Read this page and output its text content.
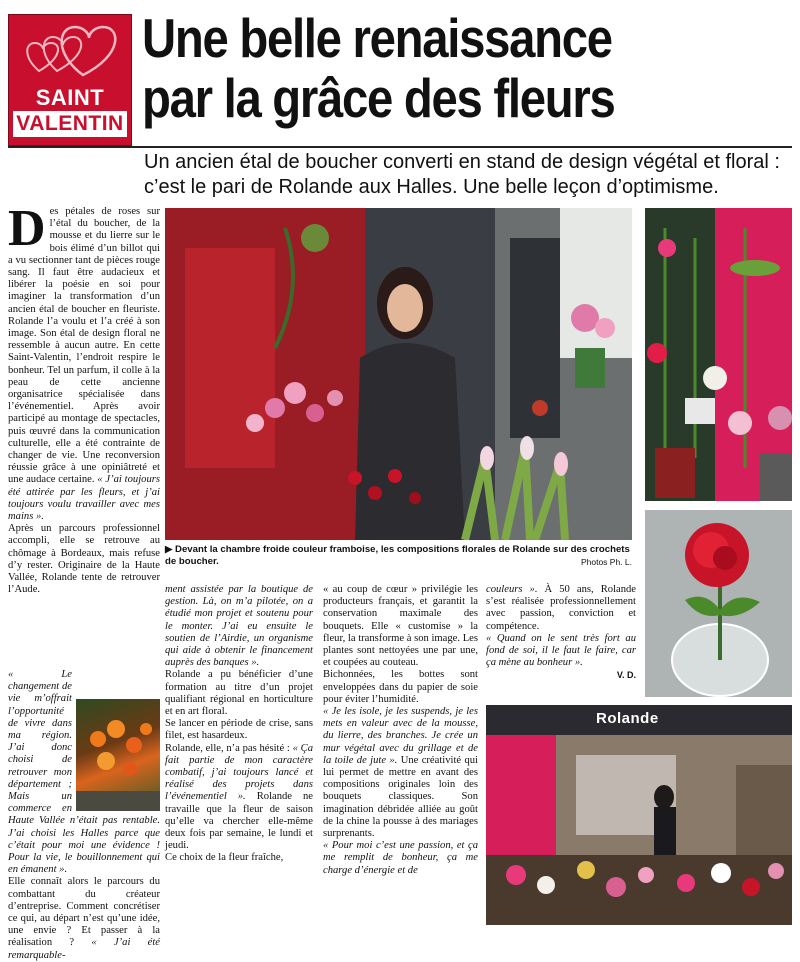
SAINT
VALENTIN
Une belle renaissance
par la grâce des fleurs
Un ancien étal de boucher converti en stand de design végétal et floral : c’est le pari de Rolande aux Halles. Une belle leçon d’optimisme.

Des pétales de roses sur l’étal du boucher, de la mousse et du lierre sur le bois élimé d’un billot qui a vu sectionner tant de pièces rouge sang. Il faut être audacieux et libérer la poésie en soi pour imaginer la transformation d’un ancien étal de boucher en fleuriste. Rolande l’a voulu et l’a créé à son image. Son étal de design floral ne ressemble à aucun autre. En cette Saint-Valentin, l’endroit respire le bonheur. Tel un parfum, il colle à la peau de cette ancienne organisatrice spécialisée dans l’événementiel. Après avoir participé au montage de spectacles, puis œuvré dans la communication culturelle, elle a été contrainte de changer de vie. Une reconversion réussie grâce à une opiniâtreté et une audace certaine. « J’ai toujours été attirée par les fleurs, et j’ai toujours voulu travailler avec mes mains ».

Après un parcours professionnel accompli, elle se retrouve au chômage à Bordeaux, mais refuse d’y rester. Originaire de la Haute Vallée, Rolande tente de retrouver l’Aude.

« Le changement de vie m’offrait l’opportunité de vivre dans ma région. J’ai donc choisi de retrouver mon département ; Mais un commerce en Haute Vallée n’était pas rentable. J’ai choisi les Halles parce que c’était pour moi une évidence ! Pour la vie, le bouillonnement qui en émanent ».

Elle connaît alors le parcours du combattant du créateur d’entreprise. Comment concrétiser ce qui, au départ n’est qu’une idée, une envie ? Et passer à la réalisation ? « J’ai été remarquable-

▶ Devant la chambre froide couleur framboise, les compositions florales de Rolande sur des crochets de boucher.	Photos Ph. L.
Rolande

ment assistée par la boutique de gestion. Là, on m’a pilotée, on a étudié mon projet et soutenu pour le monter. J’ai eu ensuite le soutien de l’Airdie, un organisme qui aide à obtenir le financement auprès des banques ».

Rolande a pu bénéficier d’une formation au titre d’un projet qualifiant régional en horticulture et en art floral.

Se lancer en période de crise, sans filet, est hasardeux.

Rolande, elle, n’a pas hésité : « Ça fait partie de mon caractère combatif, j’ai toujours lancé et réalisé des projets dans l’événementiel ». Rolande ne travaille que la fleur de saison qu’elle va chercher elle-même deux fois par semaine, le lundi et jeudi.

Ce choix de la fleur fraîche,

« au coup de cœur » privilégie les producteurs français, et garantit la conservation maximale des bouquets. Elle « customise » la fleur, la transforme à son image. Les plantes sont nettoyées une par une, et coupées au couteau.

Bichonnées, les bottes sont enveloppées dans du papier de soie pour éviter l’humidité.

« Je les isole, je les suspends, je les mets en valeur avec de la mousse, du lierre, des branches. Je crée un mur végétal avec du grillage et de la toile de jute ». Une créativité qui lui permet de mettre en avant des compositions originales loin des bouquets classiques. Son imagination débridée alliée au goût de la chine la pousse à des mariages surprenants.

« Pour moi c’est une passion, et ça me remplit de bonheur, ça me charge d’énergie et de

couleurs ». À 50 ans, Rolande s’est réalisée professionnellement avec passion, conviction et compétence.

« Quand on le sent très fort au fond de soi, il le faut le faire, car ça mène au bonheur ».

V. D.
